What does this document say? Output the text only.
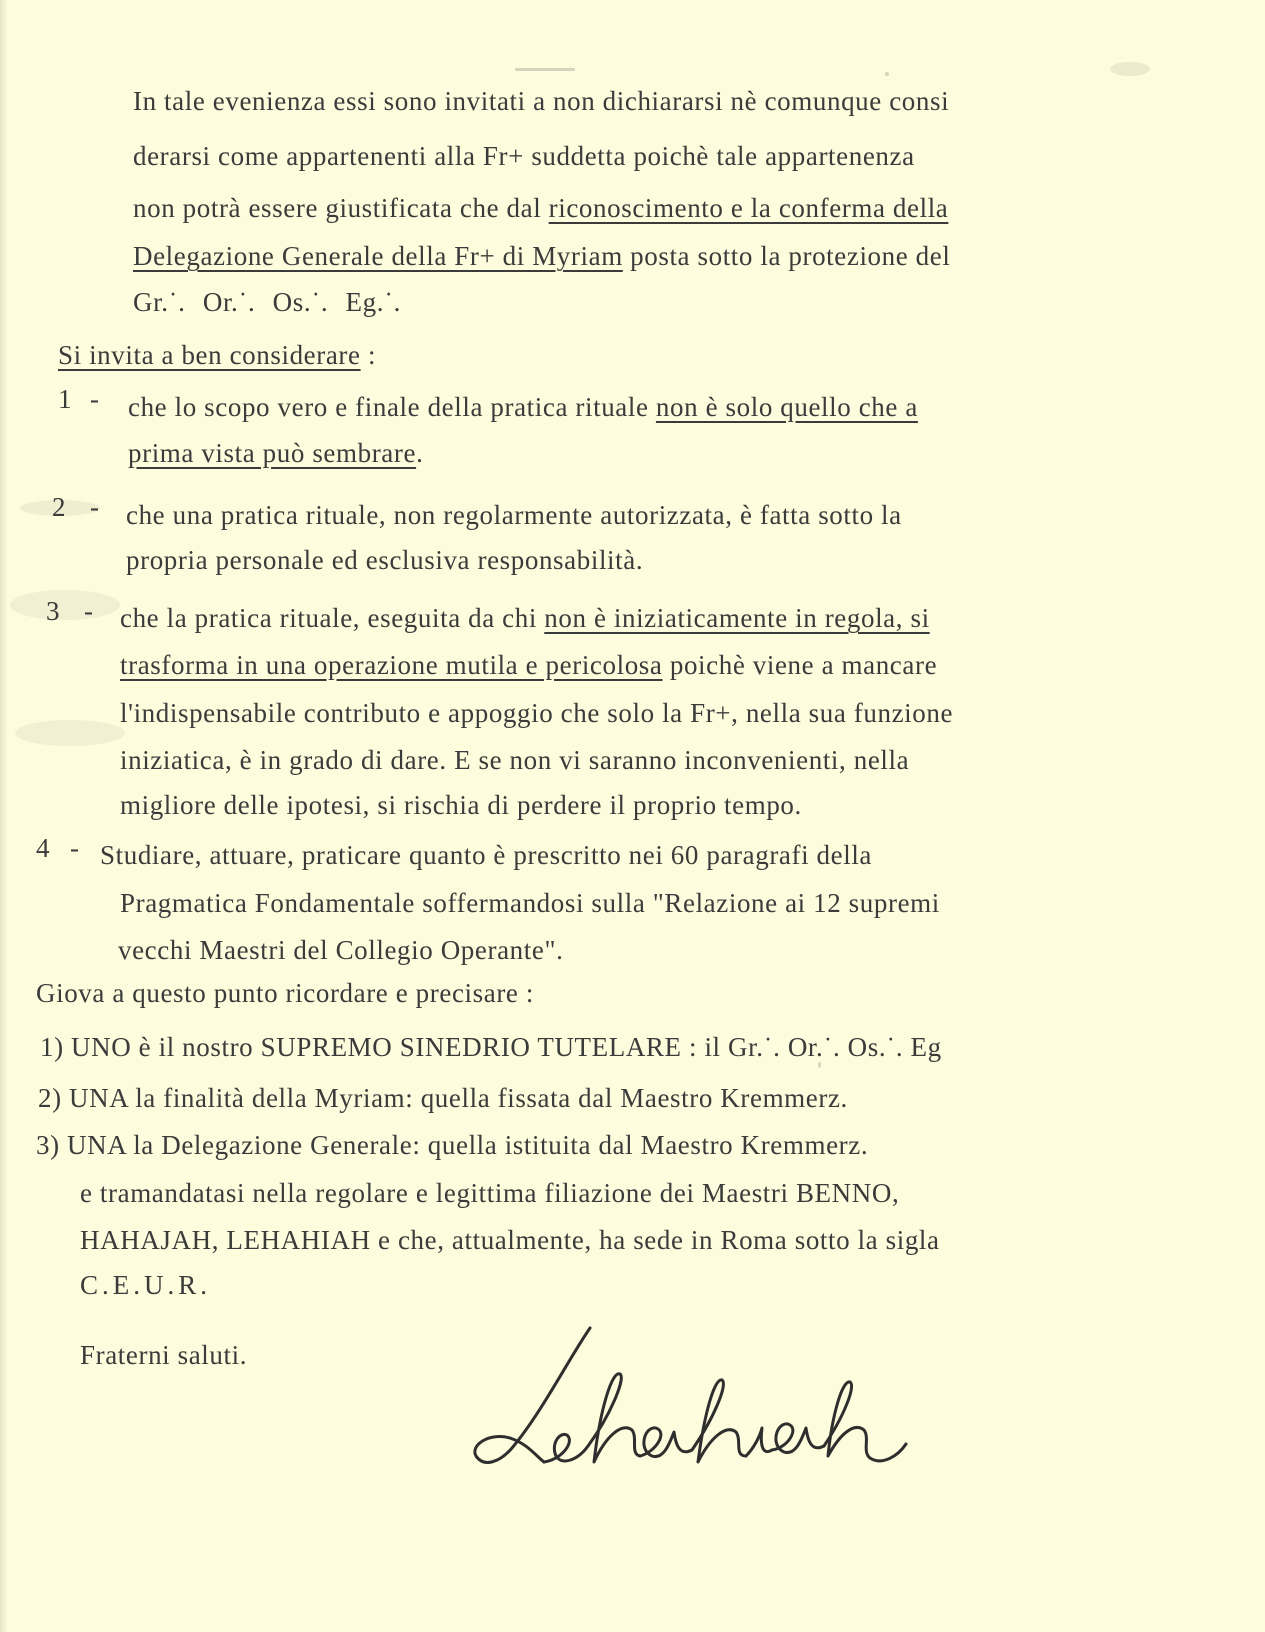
In tale evenienza essi sono invitati a non dichiararsi nè comunque consi
derarsi come appartenenti alla Fr+ suddetta poichè tale appartenenza
non potrà essere giustificata che dal riconoscimento e la conferma della
Delegazione Generale della Fr+ di Myriam posta sotto la protezione del
Gr.˙. Or.˙. Os.˙. Eg.˙.
Si invita a ben considerare :
1 - che lo scopo vero e finale della pratica rituale non è solo quello che a
prima vista può sembrare.
2 - che una pratica rituale, non regolarmente autorizzata, è fatta sotto la
propria personale ed esclusiva responsabilità.
3 - che la pratica rituale, eseguita da chi non è iniziaticamente in regola, si
trasforma in una operazione mutila e pericolosa poichè viene a mancare
l'indispensabile contributo e appoggio che solo la Fr+, nella sua funzione
iniziatica, è in grado di dare. E se non vi saranno inconvenienti, nella
migliore delle ipotesi, si rischia di perdere il proprio tempo.
4 - Studiare, attuare, praticare quanto è prescritto nei 60 paragrafi della
Pragmatica Fondamentale soffermandosi sulla "Relazione ai 12 supremi
vecchi Maestri del Collegio Operante".
Giova a questo punto ricordare e precisare :
1) UNO è il nostro SUPREMO SINEDRIO TUTELARE : il Gr.˙. Or.˙. Os.˙. Eg
2) UNA la finalità della Myriam: quella fissata dal Maestro Kremmerz.
3) UNA la Delegazione Generale: quella istituita dal Maestro Kremmerz.
e tramandatasi nella regolare e legittima filiazione dei Maestri BENNO,
HAHAJAH, LEHAHIAH e che, attualmente, ha sede in Roma sotto la sigla
C.E.U.R.
Fraterni saluti.
